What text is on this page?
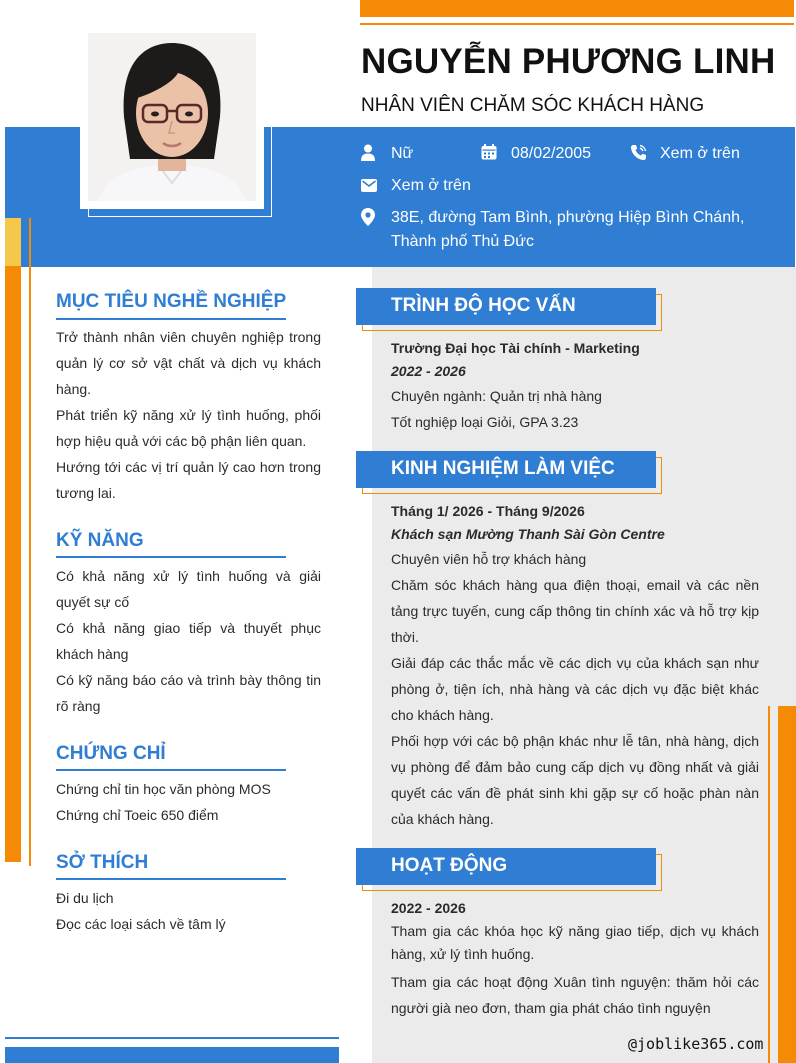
NGUYỄN PHƯƠNG LINH
NHÂN VIÊN CHĂM SÓC KHÁCH HÀNG
Nữ	08/02/2005	Xem ở trên
Xem ở trên
38E, đường Tam Bình, phường Hiệp Bình Chánh,
Thành phố Thủ Đức
MỤC TIÊU NGHỀ NGHIỆP

Trở thành nhân viên chuyên nghiệp trong quản lý cơ sở vật chất và dịch vụ khách hàng.

Phát triển kỹ năng xử lý tình huống, phối hợp hiệu quả với các bộ phận liên quan.

Hướng tới các vị trí quản lý cao hơn trong tương lai.

KỸ NĂNG

Có khả năng xử lý tình huống và giải quyết sự cố

Có khả năng giao tiếp và thuyết phục khách hàng

Có kỹ năng báo cáo và trình bày thông tin rõ ràng

CHỨNG CHỈ

Chứng chỉ tin học văn phòng MOS

Chứng chỉ Toeic 650 điểm

SỞ THÍCH

Đi du lịch

Đọc các loại sách về tâm lý

TRÌNH ĐỘ HỌC VẤN
Trường Đại học Tài chính - Marketing
2022 - 2026
Chuyên ngành: Quản trị nhà hàng
Tốt nghiệp loại Giỏi, GPA 3.23
KINH NGHIỆM LÀM VIỆC
Tháng 1/ 2026 - Tháng 9/2026
Khách sạn Mường Thanh Sài Gòn Centre
Chuyên viên hỗ trợ khách hàng
Chăm sóc khách hàng qua điện thoại, email và các nền tảng trực tuyến, cung cấp thông tin chính xác và hỗ trợ kịp thời.
Giải đáp các thắc mắc về các dịch vụ của khách sạn như phòng ở, tiện ích, nhà hàng và các dịch vụ đặc biệt khác cho khách hàng.
Phối hợp với các bộ phận khác như lễ tân, nhà hàng, dịch vụ phòng để đảm bảo cung cấp dịch vụ đồng nhất và giải quyết các vấn đề phát sinh khi gặp sự cố hoặc phàn nàn của khách hàng.
HOẠT ĐỘNG
2022 - 2026
Tham gia các khóa học kỹ năng giao tiếp, dịch vụ khách hàng, xử lý tình huống.
Tham gia các hoạt động Xuân tình nguyện: thăm hỏi các người già neo đơn, tham gia phát cháo tình nguyện
@joblike365.com
